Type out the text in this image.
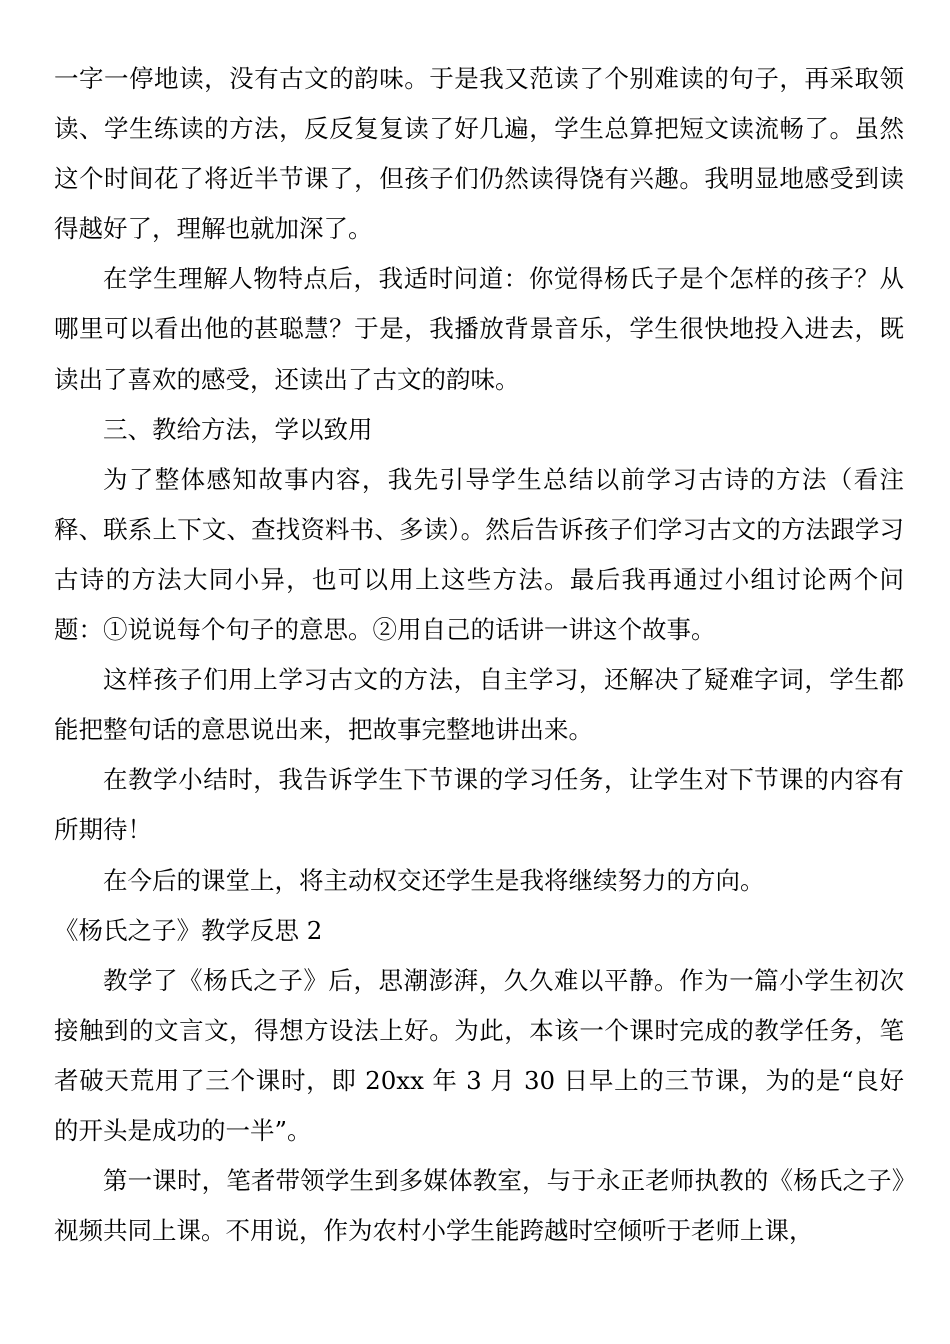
一字一停地读，没有古文的韵味。于是我又范读了个别难读的句子，再采取领读、学生练读的方法，反反复复读了好几遍，学生总算把短文读流畅了。虽然这个时间花了将近半节课了，但孩子们仍然读得饶有兴趣。我明显地感受到读得越好了，理解也就加深了。

在学生理解人物特点后，我适时问道：你觉得杨氏子是个怎样的孩子？从哪里可以看出他的甚聪慧？于是，我播放背景音乐，学生很快地投入进去，既读出了喜欢的感受，还读出了古文的韵味。

三、教给方法，学以致用

为了整体感知故事内容，我先引导学生总结以前学习古诗的方法（看注释、联系上下文、查找资料书、多读）。然后告诉孩子们学习古文的方法跟学习古诗的方法大同小异，也可以用上这些方法。最后我再通过小组讨论两个问题：①说说每个句子的意思。②用自己的话讲一讲这个故事。

这样孩子们用上学习古文的方法，自主学习，还解决了疑难字词，学生都能把整句话的意思说出来，把故事完整地讲出来。

在教学小结时，我告诉学生下节课的学习任务，让学生对下节课的内容有所期待！

在今后的课堂上，将主动权交还学生是我将继续努力的方向。

《杨氏之子》教学反思 2

教学了《杨氏之子》后，思潮澎湃，久久难以平静。作为一篇小学生初次接触到的文言文，得想方设法上好。为此，本该一个课时完成的教学任务，笔者破天荒用了三个课时，即 20xx 年 3 月 30 日早上的三节课，为的是“良好的开头是成功的一半”。

第一课时，笔者带领学生到多媒体教室，与于永正老师执教的《杨氏之子》视频共同上课。不用说，作为农村小学生能跨越时空倾听于老师上课，
